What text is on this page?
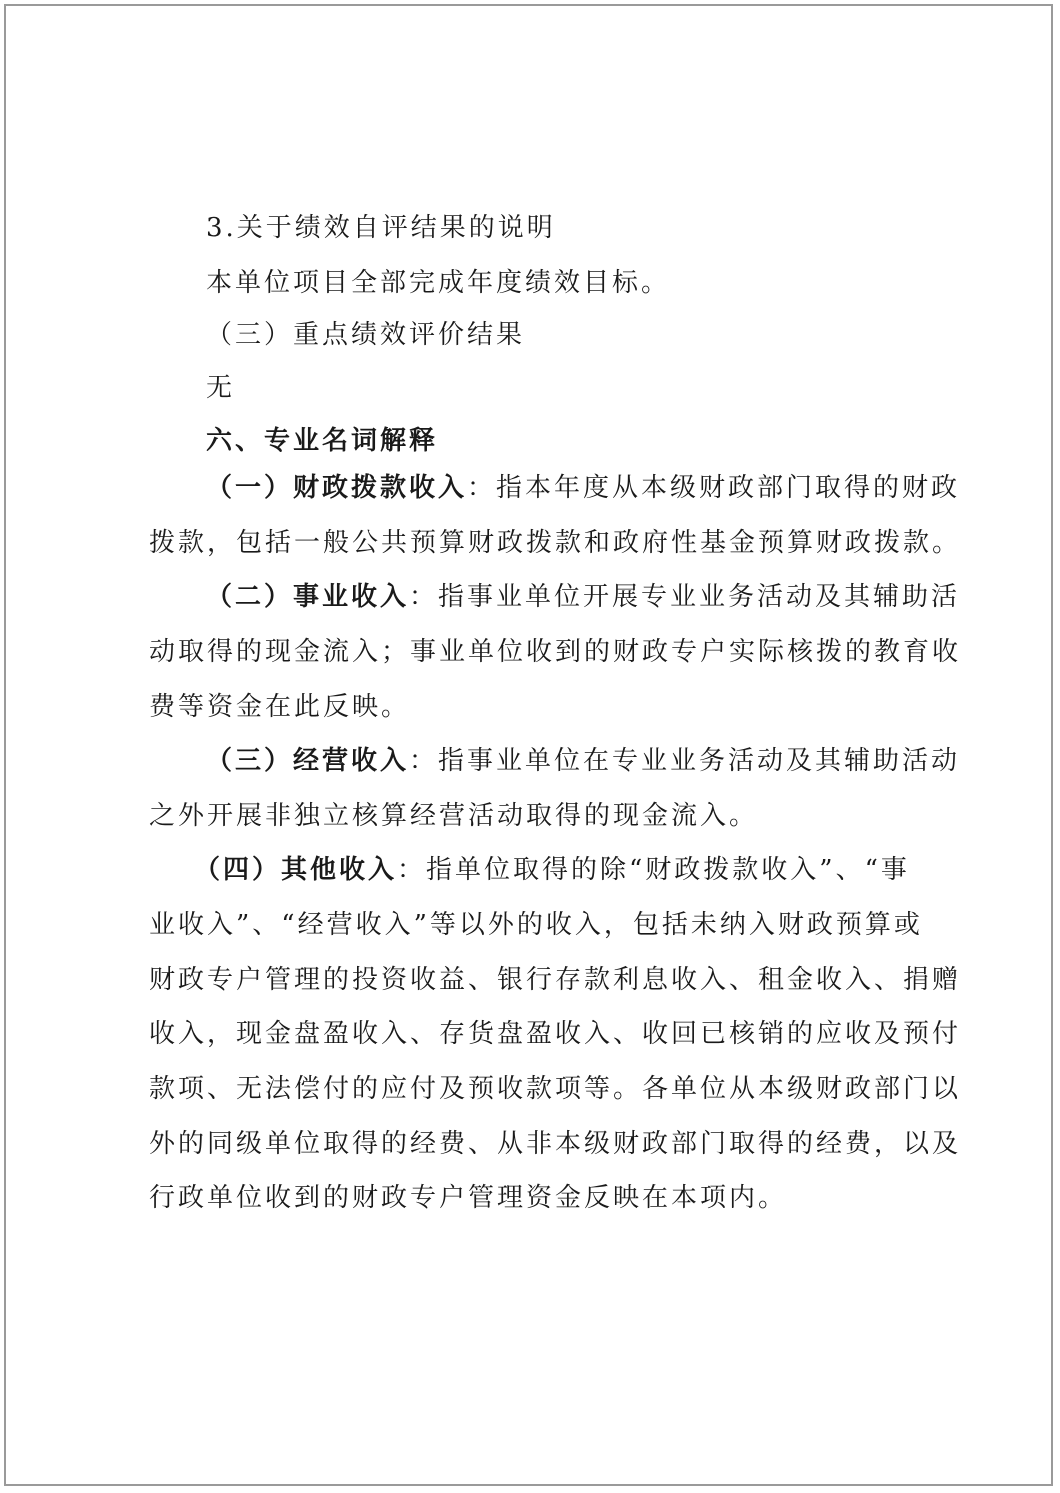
3.关于绩效自评结果的说明
本单位项目全部完成年度绩效目标。
（三）重点绩效评价结果
无
六、专业名词解释
（一）财政拨款收入：指本年度从本级财政部门取得的财政
拨款，包括一般公共预算财政拨款和政府性基金预算财政拨款。
（二）事业收入：指事业单位开展专业业务活动及其辅助活
动取得的现金流入；事业单位收到的财政专户实际核拨的教育收
费等资金在此反映。
（三）经营收入：指事业单位在专业业务活动及其辅助活动
之外开展非独立核算经营活动取得的现金流入。
（四）其他收入：指单位取得的除“财政拨款收入”、“事
业收入”、“经营收入”等以外的收入，包括未纳入财政预算或
财政专户管理的投资收益、银行存款利息收入、租金收入、捐赠
收入，现金盘盈收入、存货盘盈收入、收回已核销的应收及预付
款项、无法偿付的应付及预收款项等。各单位从本级财政部门以
外的同级单位取得的经费、从非本级财政部门取得的经费，以及
行政单位收到的财政专户管理资金反映在本项内。
